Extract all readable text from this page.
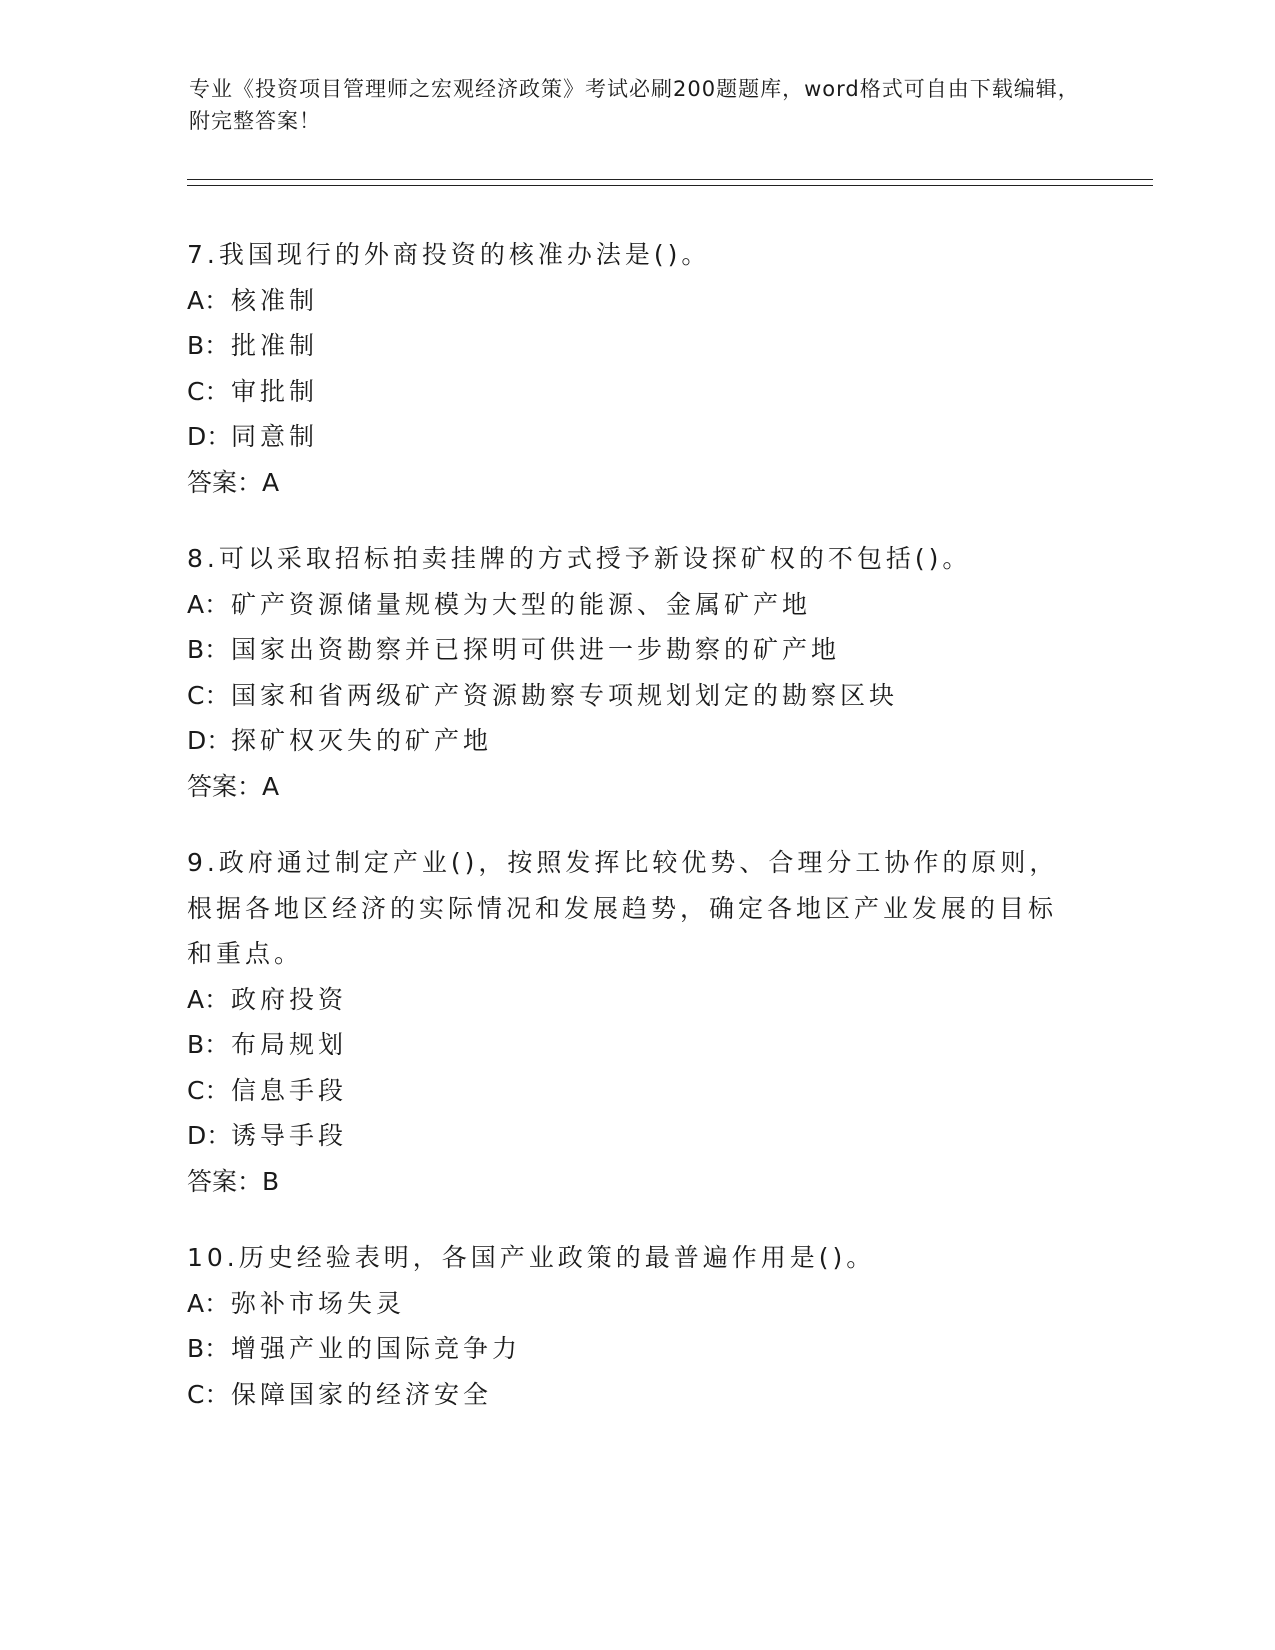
专业《投资项目管理师之宏观经济政策》考试必刷200题题库，word格式可自由下载编辑，附完整答案！
7.我国现行的外商投资的核准办法是()。
A：核准制
B：批准制
C：审批制
D：同意制
答案：A
8.可以采取招标拍卖挂牌的方式授予新设探矿权的不包括()。
A：矿产资源储量规模为大型的能源、金属矿产地
B：国家出资勘察并已探明可供进一步勘察的矿产地
C：国家和省两级矿产资源勘察专项规划划定的勘察区块
D：探矿权灭失的矿产地
答案：A
9.政府通过制定产业()，按照发挥比较优势、合理分工协作的原则，根据各地区经济的实际情况和发展趋势，确定各地区产业发展的目标和重点。
A：政府投资
B：布局规划
C：信息手段
D：诱导手段
答案：B
10.历史经验表明，各国产业政策的最普遍作用是()。
A：弥补市场失灵
B：增强产业的国际竞争力
C：保障国家的经济安全
